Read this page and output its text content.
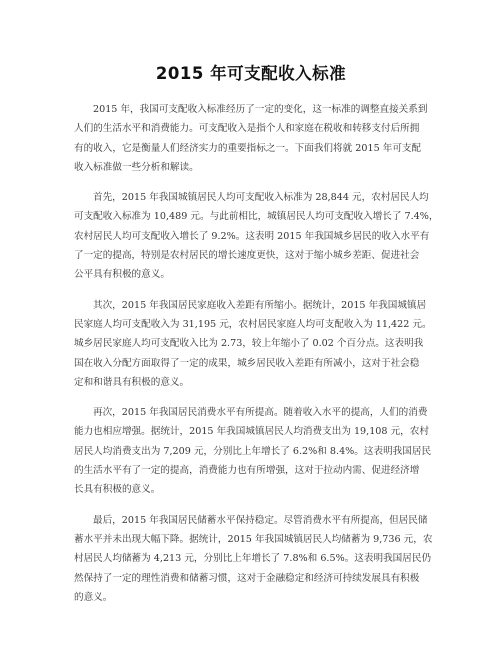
2015 年可支配收入标准

2015 年，我国可支配收入标准经历了一定的变化，这一标准的调整直接关系到
人们的生活水平和消费能力。可支配收入是指个人和家庭在税收和转移支付后所拥
有的收入，它是衡量人们经济实力的重要指标之一。下面我们将就 2015 年可支配
收入标准做一些分析和解读。

首先，2015 年我国城镇居民人均可支配收入标准为 28,844 元，农村居民人均
可支配收入标准为 10,489 元。与此前相比，城镇居民人均可支配收入增长了 7.4%，
农村居民人均可支配收入增长了 9.2%。这表明 2015 年我国城乡居民的收入水平有
了一定的提高，特别是农村居民的增长速度更快，这对于缩小城乡差距、促进社会
公平具有积极的意义。

其次，2015 年我国居民家庭收入差距有所缩小。据统计，2015 年我国城镇居
民家庭人均可支配收入为 31,195 元，农村居民家庭人均可支配收入为 11,422 元。
城乡居民家庭人均可支配收入比为 2.73，较上年缩小了 0.02 个百分点。这表明我
国在收入分配方面取得了一定的成果，城乡居民收入差距有所减小，这对于社会稳
定和和谐具有积极的意义。

再次，2015 年我国居民消费水平有所提高。随着收入水平的提高，人们的消费
能力也相应增强。据统计，2015 年我国城镇居民人均消费支出为 19,108 元，农村
居民人均消费支出为 7,209 元，分别比上年增长了 6.2%和 8.4%。这表明我国居民
的生活水平有了一定的提高，消费能力也有所增强，这对于拉动内需、促进经济增
长具有积极的意义。

最后，2015 年我国居民储蓄水平保持稳定。尽管消费水平有所提高，但居民储
蓄水平并未出现大幅下降。据统计，2015 年我国城镇居民人均储蓄为 9,736 元，农
村居民人均储蓄为 4,213 元，分别比上年增长了 7.8%和 6.5%。这表明我国居民仍
然保持了一定的理性消费和储蓄习惯，这对于金融稳定和经济可持续发展具有积极
的意义。
